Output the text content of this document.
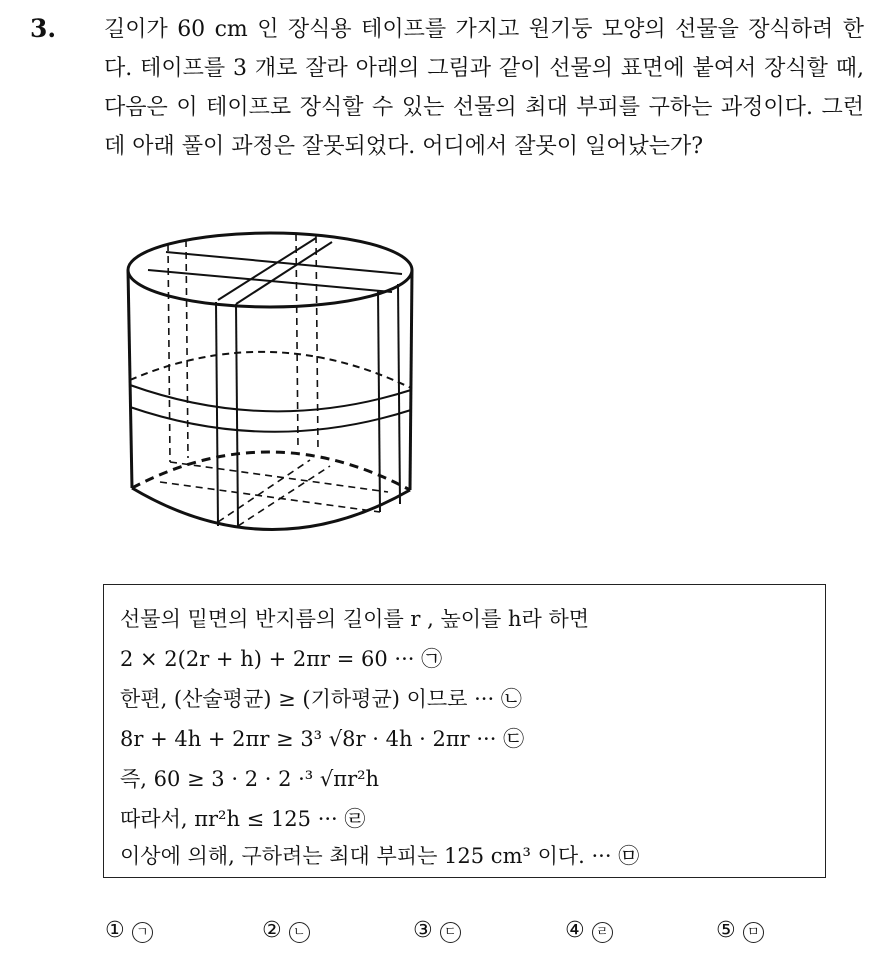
3. 길이가 60 cm 인 장식용 테이프를 가지고 원기둥 모양의 선물을 장식하려 한다. 테이프를 3 개로 잘라 아래의 그림과 같이 선물의 표면에 붙여서 장식할 때, 다음은 이 테이프로 장식할 수 있는 선물의 최대 부피를 구하는 과정이다. 그런데 아래 풀이 과정은 잘못되었다. 어디에서 잘못이 일어났는가?
선물의 밑면의 반지름의 길이를 r , 높이를 h라 하면
2 × 2(2r + h) + 2πr = 60 ··· ㉠
한편, (산술평균) ≥ (기하평균) 이므로 ··· ㉡
8r + 4h + 2πr ≥ 3³ √8r · 4h · 2πr ··· ㉢
즉, 60 ≥ 3 · 2 · 2 ·³ √πr²h
따라서, πr²h ≤ 125 ··· ㉣
이상에 의해, 구하려는 최대 부피는 125 cm³ 이다. ··· ㉤
① ㄱ	② ㄴ	③ ㄷ	④ ㄹ	⑤ ㅁ
